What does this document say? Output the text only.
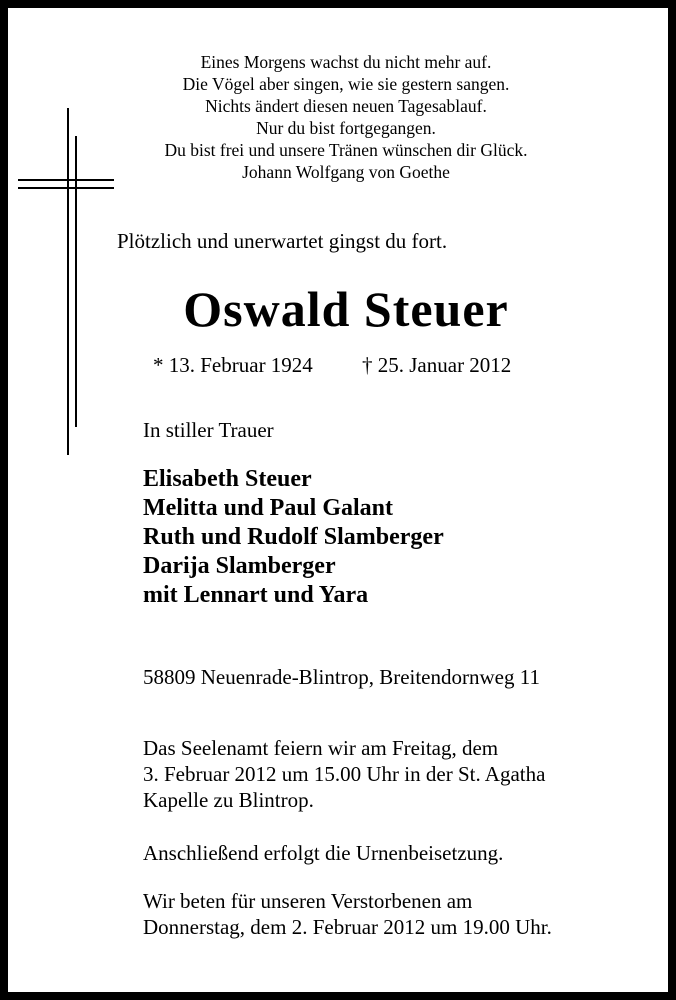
Eines Morgens wachst du nicht mehr auf.
Die Vögel aber singen, wie sie gestern sangen.
Nichts ändert diesen neuen Tagesablauf.
Nur du bist fortgegangen.
Du bist frei und unsere Tränen wünschen dir Glück.
Johann Wolfgang von Goethe
Plötzlich und unerwartet gingst du fort.
Oswald Steuer
* 13. Februar 1924 † 25. Januar 2012
In stiller Trauer
Elisabeth Steuer
Melitta und Paul Galant
Ruth und Rudolf Slamberger
Darija Slamberger
mit Lennart und Yara
58809 Neuenrade-Blintrop, Breitendornweg 11
Das Seelenamt feiern wir am Freitag, dem
3. Februar 2012 um 15.00 Uhr in der St. Agatha
Kapelle zu Blintrop.
Anschließend erfolgt die Urnenbeisetzung.
Wir beten für unseren Verstorbenen am
Donnerstag, dem 2. Februar 2012 um 19.00 Uhr.
